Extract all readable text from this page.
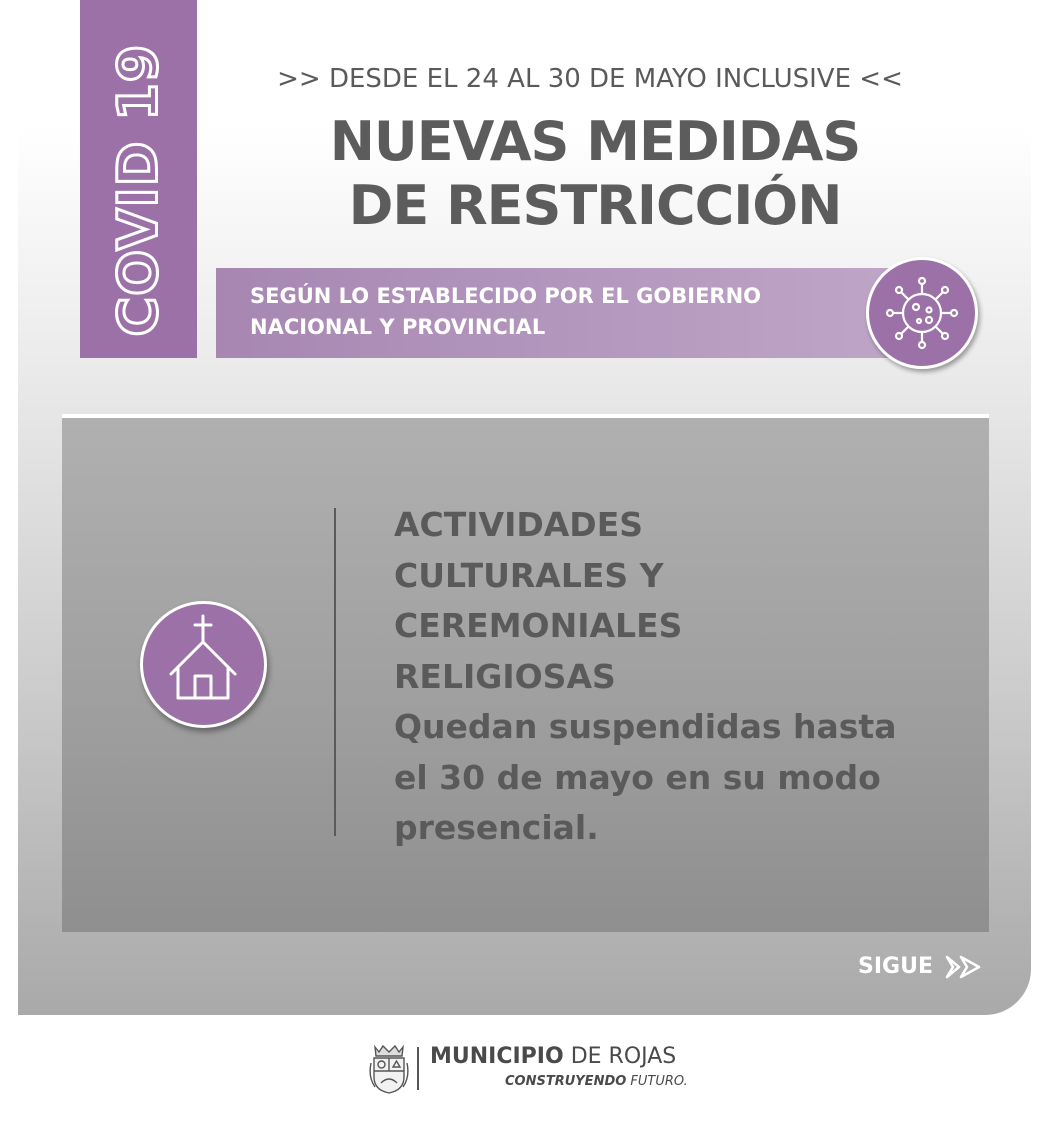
COVID 19	>> DESDE EL 24 AL 30 DE MAYO INCLUSIVE <<
NUEVAS MEDIDAS
DE RESTRICCIÓN
SEGÚN LO ESTABLECIDO POR EL GOBIERNO
NACIONAL Y PROVINCIAL
ACTIVIDADES
CULTURALES Y
CEREMONIALES
RELIGIOSAS
Quedan suspendidas hasta
el 30 de mayo en su modo
presencial.
SIGUE
MUNICIPIO DE ROJAS
CONSTRUYENDO FUTURO.
